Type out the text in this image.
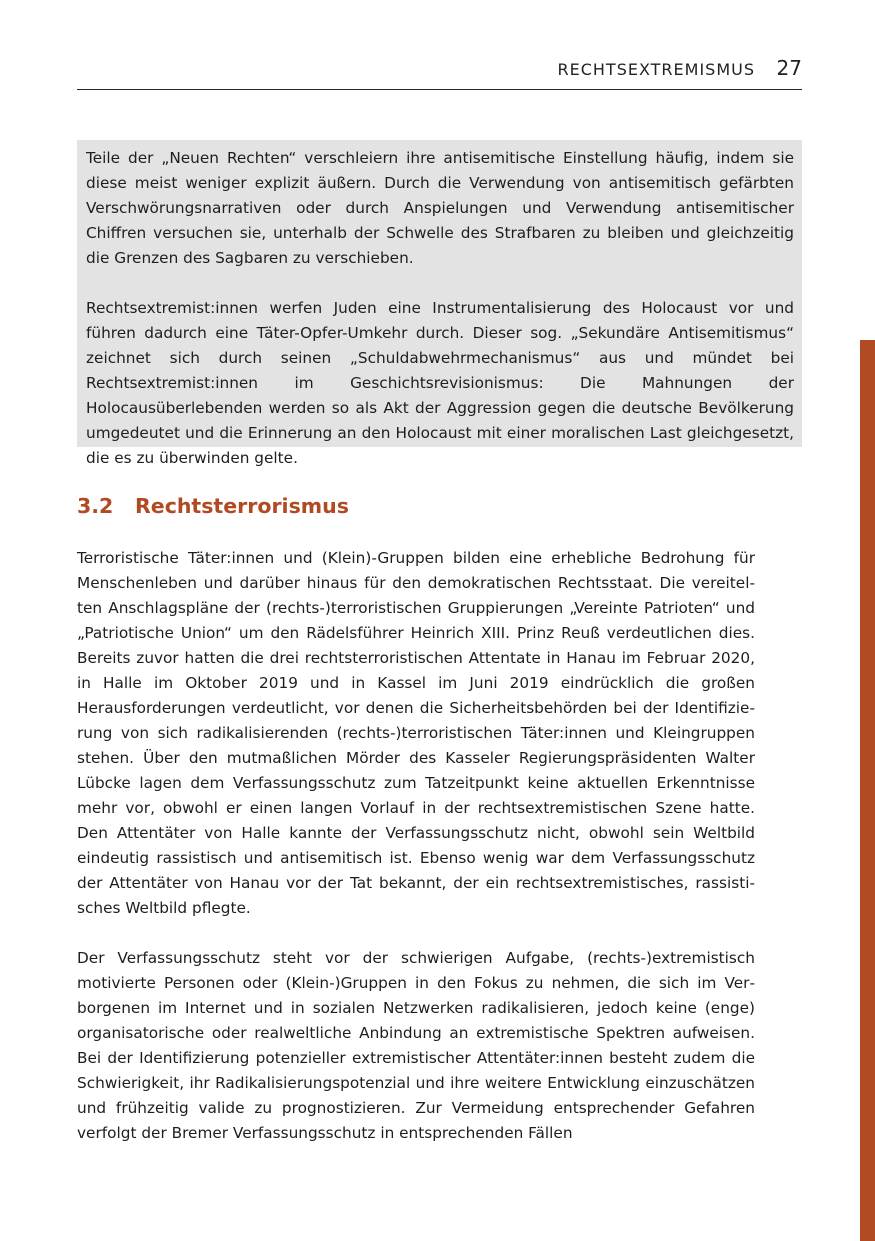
RECHTSEXTREMISMUS 27

Teile der „Neuen Rechten“ verschleiern ihre antisemitische Einstellung häufig, indem sie diese meist weniger explizit äußern. Durch die Verwendung von antisemitisch gefärbten Verschwörungsnarrativen oder durch Anspielungen und Verwendung antisemitischer Chiffren versuchen sie, unterhalb der Schwelle des Strafbaren zu bleiben und gleichzeitig die Grenzen des Sagbaren zu verschieben.

Rechtsextremist:innen werfen Juden eine Instrumentalisierung des Holocaust vor und führen dadurch eine Täter-Opfer-Umkehr durch. Dieser sog. „Sekundäre Antisemitismus“ zeichnet sich durch seinen „Schuldabwehrmechanismus“ aus und mündet bei Rechtsextremist:innen im Geschichtsrevisionismus: Die Mahnungen der Holocausüberlebenden werden so als Akt der Aggression gegen die deutsche Bevölkerung umgedeutet und die Erinnerung an den Holocaust mit einer moralischen Last gleichgesetzt, die es zu überwinden gelte.

3.2 Rechtsterrorismus

Terroristische Täter:innen und (Klein)-Gruppen bilden eine erhebliche Bedrohung für Menschenleben und darüber hinaus für den demokratischen Rechtsstaat. Die vereitelten Anschlagspläne der (rechts-)terroristischen Gruppierungen „Vereinte Patrioten“ und „Patriotische Union“ um den Rädelsführer Heinrich XIII. Prinz Reuß verdeutlichen dies. Bereits zuvor hatten die drei rechtsterroristischen Attentate in Hanau im Februar 2020, in Halle im Oktober 2019 und in Kassel im Juni 2019 eindrücklich die großen Herausforderungen verdeutlicht, vor denen die Sicherheitsbehörden bei der Identifizierung von sich radikalisierenden (rechts-)terroristischen Täter:innen und Kleingruppen stehen. Über den mutmaßlichen Mörder des Kasseler Regierungspräsidenten Walter Lübcke lagen dem Verfassungsschutz zum Tatzeitpunkt keine aktuellen Erkenntnisse mehr vor, obwohl er einen langen Vorlauf in der rechtsextremistischen Szene hatte. Den Attentäter von Halle kannte der Verfassungsschutz nicht, obwohl sein Weltbild eindeutig rassistisch und antisemitisch ist. Ebenso wenig war dem Verfassungsschutz der Attentäter von Hanau vor der Tat bekannt, der ein rechtsextremistisches, rassistisches Weltbild pflegte.

Der Verfassungsschutz steht vor der schwierigen Aufgabe, (rechts-)extremistisch motivierte Personen oder (Klein-)Gruppen in den Fokus zu nehmen, die sich im Verborgenen im Internet und in sozialen Netzwerken radikalisieren, jedoch keine (enge) organisatorische oder realweltliche Anbindung an extremistische Spektren aufweisen. Bei der Identifizierung potenzieller extremistischer Attentäter:innen besteht zudem die Schwierigkeit, ihr Radikalisierungspotenzial und ihre weitere Entwicklung einzuschätzen und frühzeitig valide zu prognostizieren. Zur Vermeidung entsprechender Gefahren verfolgt der Bremer Verfassungsschutz in entsprechenden Fällen
